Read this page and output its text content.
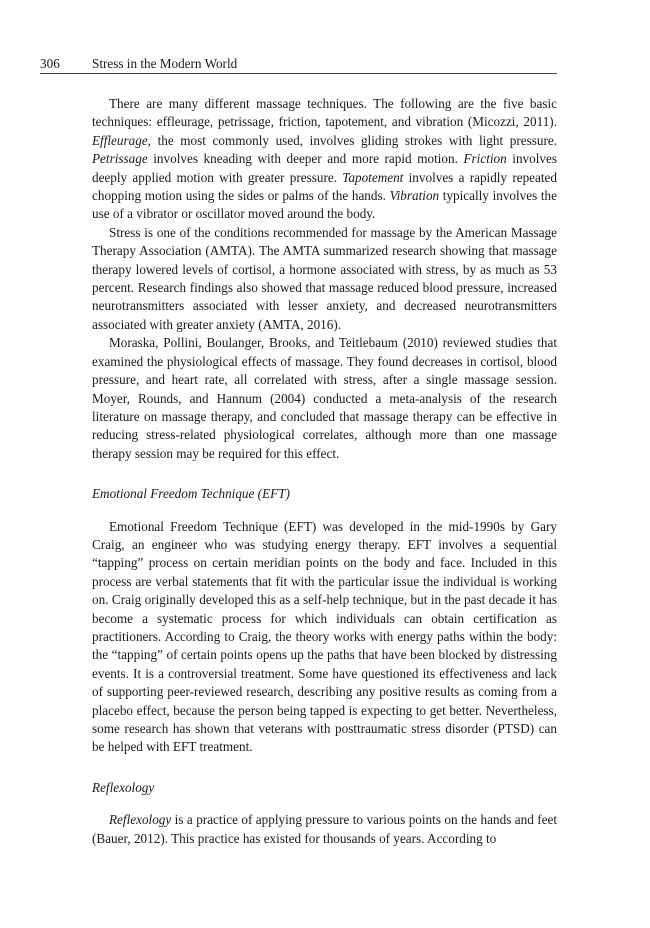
306 Stress in the Modern World

There are many different massage techniques. The following are the five basic techniques: effleurage, petrissage, friction, tapotement, and vibration (Micozzi, 2011). Effleurage, the most commonly used, involves gliding strokes with light pressure. Petrissage involves kneading with deeper and more rapid motion. Friction involves deeply applied motion with greater pressure. Tapotement involves a rapidly repeated chopping motion using the sides or palms of the hands. Vibration typically involves the use of a vibrator or oscillator moved around the body.

Stress is one of the conditions recommended for massage by the American Massage Therapy Association (AMTA). The AMTA summarized research showing that massage therapy lowered levels of cortisol, a hormone associated with stress, by as much as 53 percent. Research findings also showed that massage reduced blood pressure, increased neurotransmitters associated with lesser anxiety, and decreased neurotransmitters associated with greater anxiety (AMTA, 2016).

Moraska, Pollini, Boulanger, Brooks, and Teitlebaum (2010) reviewed studies that examined the physiological effects of massage. They found decreases in cortisol, blood pressure, and heart rate, all correlated with stress, after a single massage session. Moyer, Rounds, and Hannum (2004) conducted a meta-analysis of the research literature on massage therapy, and concluded that massage therapy can be effective in reducing stress-related physiological correlates, although more than one massage therapy session may be required for this effect.

Emotional Freedom Technique (EFT)

Emotional Freedom Technique (EFT) was developed in the mid-1990s by Gary Craig, an engineer who was studying energy therapy. EFT involves a sequential “tapping” process on certain meridian points on the body and face. Included in this process are verbal statements that fit with the particular issue the individual is working on. Craig originally developed this as a self-help technique, but in the past decade it has become a systematic process for which individuals can obtain certification as practitioners. According to Craig, the theory works with energy paths within the body: the “tapping” of certain points opens up the paths that have been blocked by distressing events. It is a controversial treatment. Some have questioned its effectiveness and lack of supporting peer-reviewed research, describing any positive results as coming from a placebo effect, because the person being tapped is expecting to get better. Nevertheless, some research has shown that veterans with posttraumatic stress disorder (PTSD) can be helped with EFT treatment.

Reflexology

Reflexology is a practice of applying pressure to various points on the hands and feet (Bauer, 2012). This practice has existed for thousands of years. According to
